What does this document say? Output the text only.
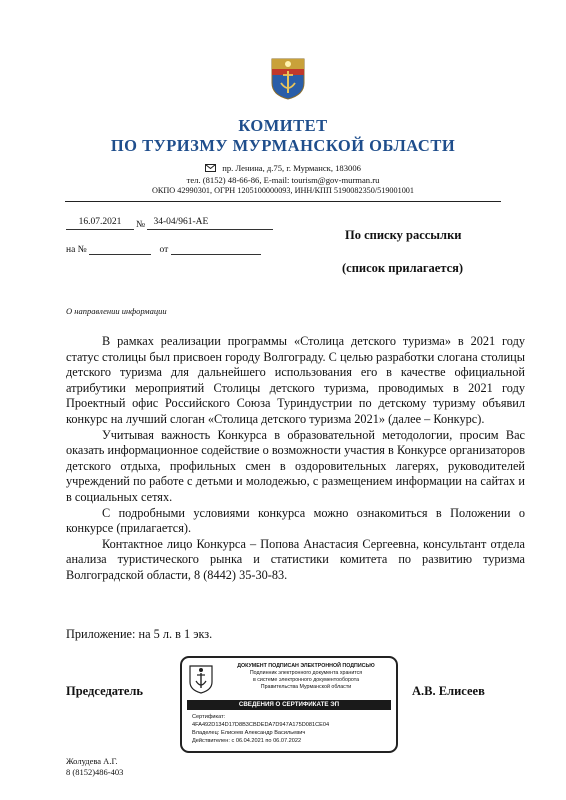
КОМИТЕТ
ПО ТУРИЗМУ МУРМАНСКОЙ ОБЛАСТИ
пр. Ленина, д.75, г. Мурманск, 183006
тел. (8152) 48-66-86, E-mail: tourism@gov-murman.ru
ОКПО 42990301, ОГРН 1205100000093, ИНН/КПП 5190082350/519001001
16.07.2021	№ 34-04/961-АЕ
на №	от
По списку рассылки
(список прилагается)
О направлении информации

В рамках реализации программы «Столица детского туризма» в 2021 году статус столицы был присвоен городу Волгограду. С целью разработки слогана столицы детского туризма для дальнейшего использования его в качестве официальной атрибутики мероприятий Столицы детского туризма, проводимых в 2021 году Проектный офис Российского Союза Туриндустрии по детскому туризму объявил конкурс на лучший слоган «Столица детского туризма 2021» (далее – Конкурс).

Учитывая важность Конкурса в образовательной методологии, просим Вас оказать информационное содействие о возможности участия в Конкурсе организаторов детского отдыха, профильных смен в оздоровительных лагерях, руководителей учреждений по работе с детьми и молодежью, с размещением информации на сайтах и в социальных сетях.

С подробными условиями конкурса можно ознакомиться в Положении о конкурсе (прилагается).

Контактное лицо Конкурса – Попова Анастасия Сергеевна, консультант отдела анализа туристического рынка и статистики комитета по развитию туризма Волгоградской области, 8 (8442) 35-30-83.

Приложение: на 5 л. в 1 экз.
Председатель	А.В. Елисеев
ДОКУМЕНТ ПОДПИСАН ЭЛЕКТРОННОЙ ПОДПИСЬЮ
Подлинник электронного документа хранится
в системе электронного документооборота
Правительства Мурманской области
СВЕДЕНИЯ О СЕРТИФИКАТЕ ЭП
Сертификат:
4FA492D134D17D8B3CBDEDA7D947A175D081CE04
Владелец: Елисеев Александр Васильевич
Действителен: с 06.04.2021 по 06.07.2022
Жолудева А.Г.
8 (8152)486-403
